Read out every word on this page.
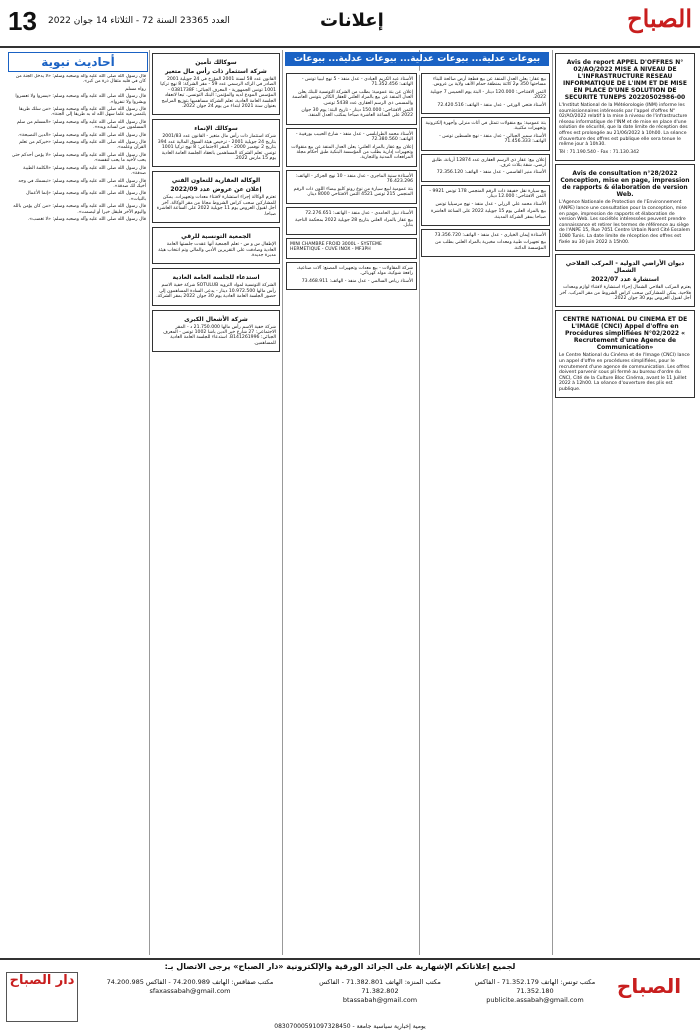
13 العدد 23365 السنة 72 - الثلاثاء 14 جوان 2022	إعلانات	الصباح
أحاديث نبوية

قال رسول الله صلى الله عليه وآله وصحبه وسلم: «لا يدخل الجنة من كان في قلبه مثقال ذرة من كبر».

رواه مسلم

قال رسول الله صلى الله عليه وآله وصحبه وسلم: «يسروا ولا تعسروا وبشروا ولا تنفروا».

قال رسول الله صلى الله عليه وآله وصحبه وسلم: «من سلك طريقا يلتمس فيه علما سهل الله له به طريقا إلى الجنة».

قال رسول الله صلى الله عليه وآله وصحبه وسلم: «المسلم من سلم المسلمون من لسانه ويده».

قال رسول الله صلى الله عليه وآله وصحبه وسلم: «الدين النصيحة».

قال رسول الله صلى الله عليه وآله وصحبه وسلم: «خيركم من تعلم القرآن وعلمه».

قال رسول الله صلى الله عليه وآله وصحبه وسلم: «لا يؤمن أحدكم حتى يحب لأخيه ما يحب لنفسه».

قال رسول الله صلى الله عليه وآله وصحبه وسلم: «الكلمة الطيبة صدقة».

قال رسول الله صلى الله عليه وآله وصحبه وسلم: «تبسمك في وجه أخيك لك صدقة».

قال رسول الله صلى الله عليه وآله وصحبه وسلم: «إنما الأعمال بالنيات».

قال رسول الله صلى الله عليه وآله وصحبه وسلم: «من كان يؤمن بالله واليوم الآخر فليقل خيرا أو ليصمت».

قال رسول الله صلى الله عليه وآله وصحبه وسلم: «لا تغضب».

سوكالك تأمين
شركة استثمار ذات رأس مال متغير

القانون عدد 58 لسنة 2001 المؤرخ في 24 جويلية 2001 الصادر في الرائد الرسمي عدد 59 - مقر الشركة: 8 نهج تركيا 1001 تونس الجمهورية - المعرف الجبائي: 0381738F - المؤسس المودع لديه والمؤتمن: البنك التونسي. تبعا لانعقاد الجلسة العامة العادية، تعلم الشركة مساهميها بتوزيع المرابيح بعنوان سنة 2021 ابتداء من يوم 24 جوان 2022.

سوكالك الإنماء

شركة استثمار ذات رأس مال متغير - القانون عدد 2001/83 بتاريخ 24 جويلية 2001 - ترخيص هيئة السوق المالية عدد 394 بتاريخ 2 نوفمبر 2000 - المقر الاجتماعي: 8 نهج تركيا 1001 تونس. تعلم الشركة المساهمين بانعقاد الجلسة العامة العادية يوم 15 مارس 2022.

الوكالة العقارية للتعاون الفني
إعلان عن عروض عدد 2022/09

تعتزم الوكالة إجراء استشارة لاقتناء معدات وتجهيزات. يمكن للمشاركين سحب كراس الشروط مجانا من مقر الوكالة. آخر أجل لقبول العروض يوم 11 جويلية 2022 على الساعة العاشرة صباحا.

الجمعية التونسية للرقي

الإطفال س و س - تعلم الجمعية أنها عقدت جلستها العامة العادية وصادقت على التقريرين الأدبي والمالي وتم انتخاب هيئة مديرة جديدة.

استدعاء للجلسة العامة العادية

الشركة التونسية لمواد التزويد SOTULUB شركة خفية الاسم رأس مالها 10.972.500 دينار - يدعى السادة المساهمون إلى حضور الجلسة العامة العادية يوم 30 جوان 2022 بمقر الشركة.

شركة الأشغال الكبرى

شركة خفية الاسم رأس مالها 21.750.000 د - المقر الاجتماعي: 27 شارع خير الدين باشا 1002 تونس - المعرف الجبائي: B141261996. استدعاء للجلسة العامة العادية للمساهمين.

بيوعات عدلية... بيوعات عدلية... بيوعات عدلية... بيوعات عدلية...

الأستاذ عبد الكريم العيادي - عدل منفذ - 5 نهج ليبيا تونس - الهاتف: 71.352.456

إعلان عن بتة عمومية: بطلب من الشركة التونسية للبنك يعلن العدل المنفذ عن بيع بالمزاد العلني للعقار الكائن بتونس العاصمة والمسمى ذي الرسم العقاري عدد 5438 تونس.

الثمن الافتتاحي: 150.000 دينار - تاريخ البتة: يوم 30 جوان 2022 على الساعة العاشرة صباحا بمكتب العدل المنفذ.

الأستاذ محمد الطرابلسي - عدل منفذ - شارع الحبيب بورقيبة - الهاتف: 72.380.560

إعلان بيع عقار بالمزاد العلني: يعلن العدل المنفذ عن بيع منقولات وتجهيزات إدارية بطلب من المؤسسة البنكية طبق أحكام مجلة المرافعات المدنية والتجارية.

الأستاذة سنية الماجري - عدل منفذ - 10 نهج الجزائر - الهاتف: 76.423.296

بتة عمومية لبيع سيارة من نوع رونو كليو بيضاء اللون ذات الرقم المنجمي 215 تونس 4521 الثمن الافتتاحي 8000 دينار.

الأستاذ نبيل الحامدي - عدل منفذ - الهاتف: 72.276.651

بيع عقار بالمزاد العلني بتاريخ 28 جويلية 2022 بمحكمة الناحية بنابل.

MINI CHAMBRE FROID 3000L - SYSTEME HERMETIQUE - CUVE INOX - MF3PH

شركة المقاولات - بيع معدات وتجهيزات المصنع: آلات صناعية، رافعة شوكية، مولد كهربائي.

الأستاذ رياض السالمي - عدل منفذ - الهاتف: 73.468.911

بيع عقار: يعلن العدل المنفذ عن بيع قطعة أرض صالحة للبناء مساحتها 350 م2 كائنة بمنطقة حمام الأنف ولاية بن عروس.

الثمن الافتتاحي: 120.000 دينار - البتة يوم الخميس 7 جويلية 2022.

الأستاذ فتحي الورغي - عدل منفذ - الهاتف: 72.420.516

بتة عمومية: بيع منقولات تتمثل في أثاث منزلي وأجهزة إلكترونية وتجهيزات مكتبية.

الأستاذ سمير الجبالي - عدل منفذ - نهج فلسطين تونس - الهاتف: 71.456.333

إعلان بيع: عقار ذي الرسم العقاري عدد 12874 أريانة، طابق أرضي، شقة بثلاث غرف.

الأستاذ منير القاسمي - عدل منفذ - الهاتف: 72.356.120

بيع سيارة نقل خفيفة ذات الرقم المنجمي 178 تونس 9921 - الثمن الافتتاحي: 12.000 دينار.

الأستاذ محمد علي الزرلي - عدل منفذ - نهج مرسيليا تونس

بيع بالمزاد العلني يوم 15 جويلية 2022 على الساعة العاشرة صباحا بمقر الشركة المدينة.

الأستاذة إيمان الخياري - عدل منفذ - الهاتف: 73.356.720

بيع تجهيزات طبية ومعدات مخبرية بالمزاد العلني بطلب من المؤسسة الدائنة.

Avis de report APPEL D'OFFRES N° 02/AO/2022 MISE A NIVEAU DE L'INFRASTRUCTURE RESEAU INFORMATIQUE DE L'INM ET DE MISE EN PLACE D'UNE SOLUTION DE SECURITE TUNEPS 20220502986-00

L'Institut National de la Météorologie (INM) informe les soumissionnaires intéressés par l'appel d'offres N° 02/AO/2022 relatif à la mise à niveau de l'infrastructure réseau informatique de l'INM et de mise en place d'une solution de sécurité, que la date limite de réception des offres est prolongée au 21/06/2022 à 10h00. La séance d'ouverture des offres est publique elle sera tenue le même jour à 10h30.

Tél : 71.190.540 - Fax : 71.130.342

Avis de consultation n°28/2022 Conception, mise en page, impression de rapports & élaboration de version Web.

L'Agence Nationale de Protection de l'Environnement (ANPE) lance une consultation pour la conception, mise en page, impression de rapports et élaboration de version Web. Les sociétés intéressées peuvent prendre connaissance et retirer les termes de référence au siège de l'ANPE 15, Rue 7051 Centre Urbain Nord Cité Essalem 1080 Tunis. La date limite de réception des offres est fixée au 30 juin 2022 à 15h00.

ديوان الأراضي الدولية - المركب الفلاحي الشمال
استشارة عدد 2022/07

يعتزم المركب الفلاحي الشمال إجراء استشارة لاقتناء لوازم ومعدات فلاحية. يمكن للمشاركين سحب كراس الشروط من مقر المركب. آخر أجل لقبول العروض يوم 30 جوان 2022.

CENTRE NATIONAL DU CINEMA ET DE L'IMAGE (CNCI) Appel d'offre en Procédures simplifiées N°02/2022 « Recrutement d'une Agence de Communication»

Le Centre National du Cinéma et de l'Image (CNCI) lance un appel d'offre en procédures simplifiées, pour le recrutement d'une agence de communication. Les offres doivent parvenir sous pli fermé au bureau d'ordre du CNCI, Cité de la Culture Bloc Cinéma, avant le 11 Juillet 2022 à 12h00. La séance d'ouverture des plis est publique.

لجميع إعلاناتكم الإشهارية على الجرائد الورقية والإلكترونية «دار الصباح» يرجى الاتصال بـ:
الصباح
مكتب تونس: الهاتف 71.352.179 - الفاكس 71.352.180
publicite.assabah@gmail.com
مكتب المنزه: الهاتف 71.382.801 - الفاكس 71.382.802
btassabah@gmail.com
مكتب صفاقس: الهاتف 74.200.989 - الفاكس 74.200.985
sfaxassabah@gmail.com
دار الصباح
يومية إخبارية سياسية جامعة - 08307000591097328450
